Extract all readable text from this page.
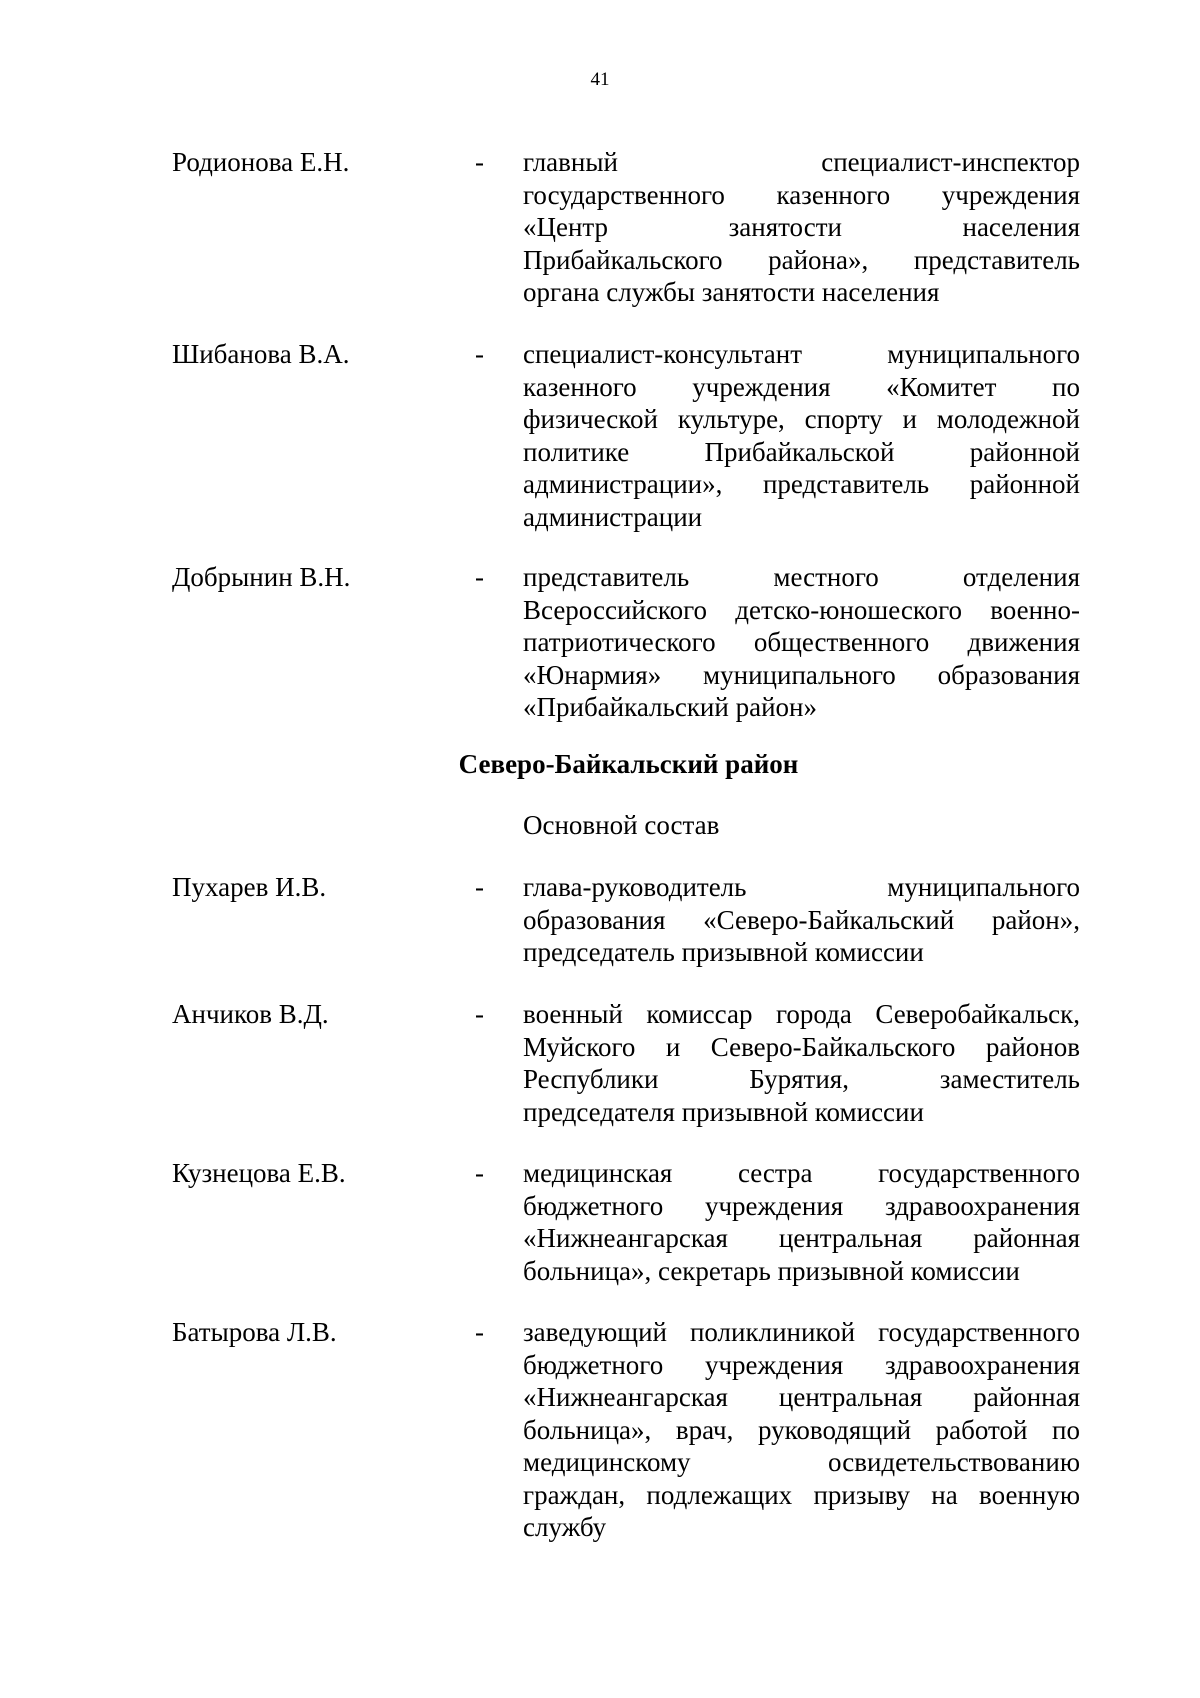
41
Родионова Е.Н.	- главный специалист-инспектор
государственного казенного учреждения
«Центр занятости населения
Прибайкальского района», представитель
органа службы занятости населения
Шибанова В.А.	- специалист-консультант муниципального
казенного учреждения «Комитет по
физической культуре, спорту и молодежной
политике Прибайкальской районной
администрации», представитель районной
администрации
Добрынин В.Н.	- представитель местного отделения
Всероссийского детско-юношеского военно-
патриотического общественного движения
«Юнармия» муниципального образования
«Прибайкальский район»
Северо-Байкальский район
Основной состав
Пухарев И.В.	- глава-руководитель муниципального
образования «Северо-Байкальский район»,
председатель призывной комиссии
Анчиков В.Д.	- военный комиссар города Северобайкальск,
Муйского и Северо-Байкальского районов
Республики Бурятия, заместитель
председателя призывной комиссии
Кузнецова Е.В.	- медицинская сестра государственного
бюджетного учреждения здравоохранения
«Нижнеангарская центральная районная
больница», секретарь призывной комиссии
Батырова Л.В.	- заведующий поликлиникой государственного
бюджетного учреждения здравоохранения
«Нижнеангарская центральная районная
больница», врач, руководящий работой по
медицинскому освидетельствованию
граждан, подлежащих призыву на военную
службу
